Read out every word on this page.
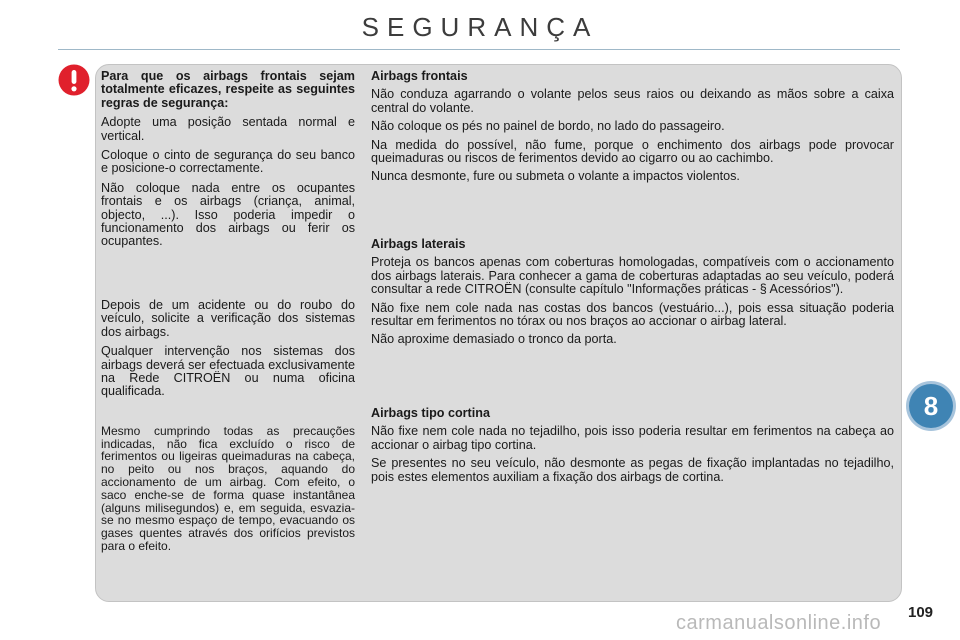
SEGURANÇA

Para que os airbags frontais sejam totalmente eficazes, respeite as seguintes regras de segurança:

Adopte uma posição sentada normal e vertical.

Coloque o cinto de segurança do seu banco e posicione-o correctamente.

Não coloque nada entre os ocupantes frontais e os airbags (criança, animal, objecto, ...). Isso poderia impedir o funcionamento dos airbags ou ferir os ocupantes.

Depois de um acidente ou do roubo do veículo, solicite a verificação dos sistemas dos airbags.

Qualquer intervenção nos sistemas dos airbags deverá ser efectuada exclusivamente na Rede CITROËN ou numa oficina qualificada.

Mesmo cumprindo todas as precauções indicadas, não fica excluído o risco de ferimentos ou ligeiras queimaduras na cabeça, no peito ou nos braços, aquando do accionamento de um airbag. Com efeito, o saco enche-se de forma quase instantânea (alguns milisegundos) e, em seguida, esvazia-se no mesmo espaço de tempo, evacuando os gases quentes através dos orifícios previstos para o efeito.

Airbags frontais

Não conduza agarrando o volante pelos seus raios ou deixando as mãos sobre a caixa central do volante.

Não coloque os pés no painel de bordo, no lado do passageiro.

Na medida do possível, não fume, porque o enchimento dos airbags pode provocar queimaduras ou riscos de ferimentos devido ao cigarro ou ao cachimbo.

Nunca desmonte, fure ou submeta o volante a impactos violentos.

Airbags laterais

Proteja os bancos apenas com coberturas homologadas, compatíveis com o accionamento dos airbags laterais. Para conhecer a gama de coberturas adaptadas ao seu veículo, poderá consultar a rede CITROËN (consulte capítulo "Informações práticas - § Acessórios").

Não fixe nem cole nada nas costas dos bancos (vestuário...), pois essa situação poderia resultar em ferimentos no tórax ou nos braços ao accionar o airbag lateral.

Não aproxime demasiado o tronco da porta.

Airbags tipo cortina

Não fixe nem cole nada no tejadilho, pois isso poderia resultar em ferimentos na cabeça ao accionar o airbag tipo cortina.

Se presentes no seu veículo, não desmonte as pegas de fixação implantadas no tejadilho, pois estes elementos auxiliam a fixação dos airbags de cortina.

8
109
carmanualsonline.info
